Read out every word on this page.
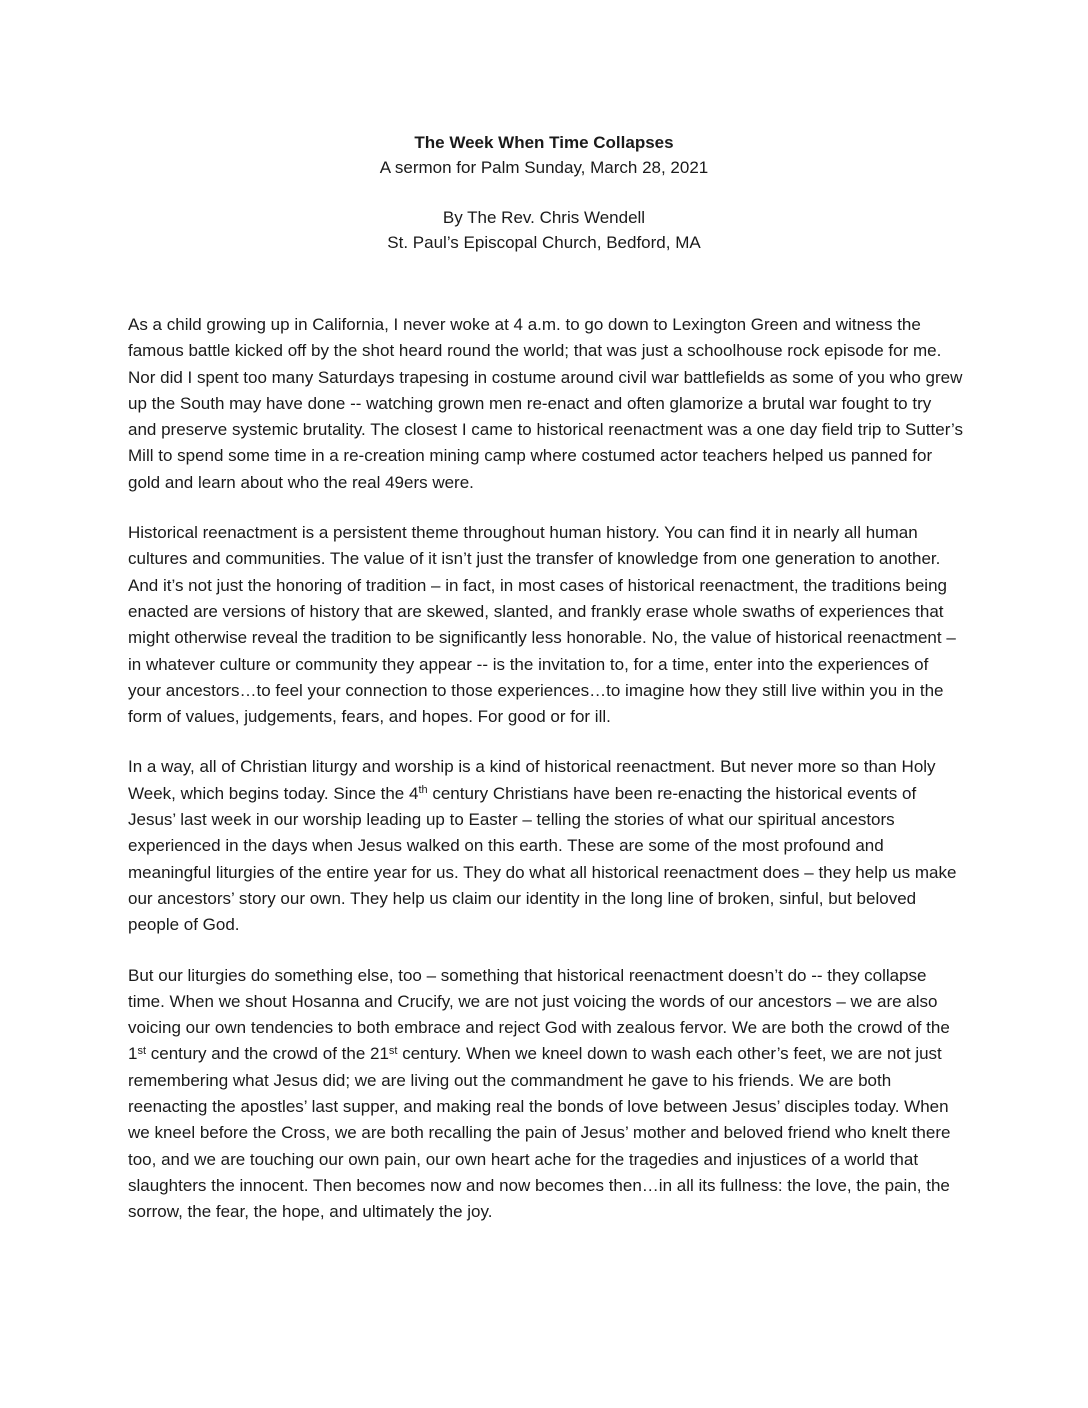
The Week When Time Collapses
A sermon for Palm Sunday, March 28, 2021
By The Rev. Chris Wendell
St. Paul’s Episcopal Church, Bedford, MA

As a child growing up in California, I never woke at 4 a.m. to go down to Lexington Green and witness the famous battle kicked off by the shot heard round the world; that was just a schoolhouse rock episode for me. Nor did I spent too many Saturdays trapesing in costume around civil war battlefields as some of you who grew up the South may have done -- watching grown men re-enact and often glamorize a brutal war fought to try and preserve systemic brutality. The closest I came to historical reenactment was a one day field trip to Sutter’s Mill to spend some time in a re-creation mining camp where costumed actor teachers helped us panned for gold and learn about who the real 49ers were.

Historical reenactment is a persistent theme throughout human history. You can find it in nearly all human cultures and communities. The value of it isn’t just the transfer of knowledge from one generation to another. And it’s not just the honoring of tradition – in fact, in most cases of historical reenactment, the traditions being enacted are versions of history that are skewed, slanted, and frankly erase whole swaths of experiences that might otherwise reveal the tradition to be significantly less honorable. No, the value of historical reenactment – in whatever culture or community they appear -- is the invitation to, for a time, enter into the experiences of your ancestors…to feel your connection to those experiences…to imagine how they still live within you in the form of values, judgements, fears, and hopes. For good or for ill.

In a way, all of Christian liturgy and worship is a kind of historical reenactment. But never more so than Holy Week, which begins today. Since the 4th century Christians have been re-enacting the historical events of Jesus’ last week in our worship leading up to Easter – telling the stories of what our spiritual ancestors experienced in the days when Jesus walked on this earth. These are some of the most profound and meaningful liturgies of the entire year for us. They do what all historical reenactment does – they help us make our ancestors’ story our own. They help us claim our identity in the long line of broken, sinful, but beloved people of God.

But our liturgies do something else, too – something that historical reenactment doesn’t do -- they collapse time. When we shout Hosanna and Crucify, we are not just voicing the words of our ancestors – we are also voicing our own tendencies to both embrace and reject God with zealous fervor. We are both the crowd of the 1st century and the crowd of the 21st century. When we kneel down to wash each other’s feet, we are not just remembering what Jesus did; we are living out the commandment he gave to his friends. We are both reenacting the apostles’ last supper, and making real the bonds of love between Jesus’ disciples today. When we kneel before the Cross, we are both recalling the pain of Jesus’ mother and beloved friend who knelt there too, and we are touching our own pain, our own heart ache for the tragedies and injustices of a world that slaughters the innocent. Then becomes now and now becomes then…in all its fullness: the love, the pain, the sorrow, the fear, the hope, and ultimately the joy.
